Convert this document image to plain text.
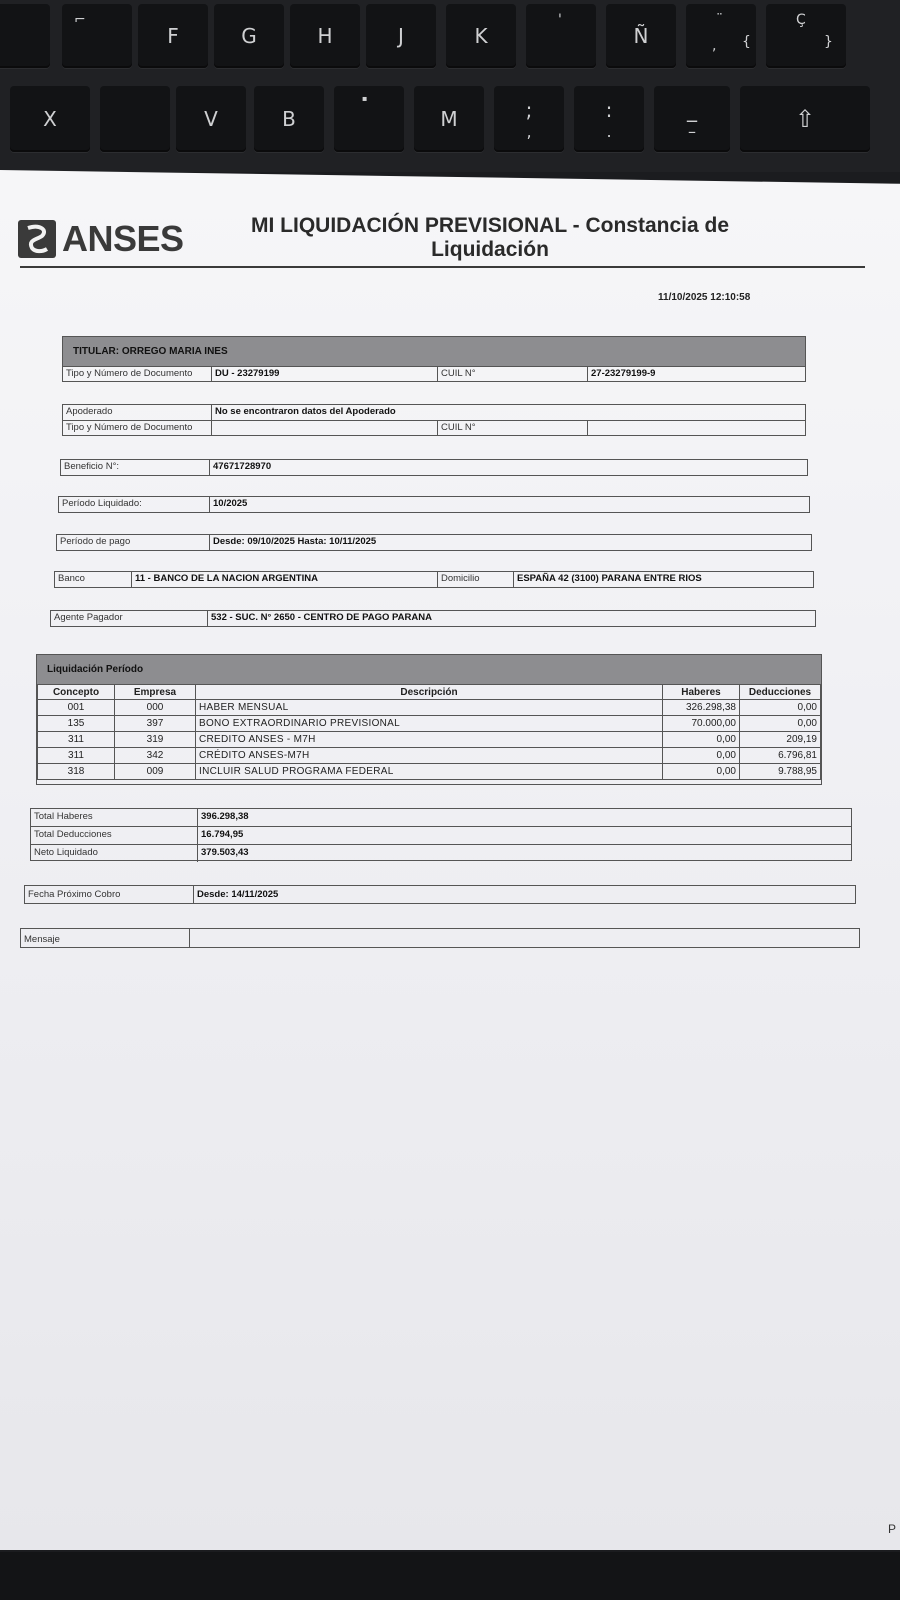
⌐
F	G	H	J	K
'
Ñ
¨
, {
Ç
}
X	V	B
▪
M	;
,
:
.
_
–	⇧
P
ANSES	MI LIQUIDACIÓN PREVISIONAL - Constancia de Liquidación
11/10/2025 12:10:58
TITULAR: ORREGO MARIA INES
Tipo y Número de Documento	DU - 23279199	CUIL N°	27-23279199-9
Apoderado	No se encontraron datos del Apoderado
Tipo y Número de Documento	CUIL N°
Beneficio N°:	47671728970
Período Liquidado:	10/2025
Período de pago	Desde: 09/10/2025 Hasta: 10/11/2025
Banco	11 - BANCO DE LA NACION ARGENTINA	Domicilio	ESPAÑA 42 (3100) PARANA ENTRE RIOS
Agente Pagador	532 - SUC. N° 2650 - CENTRO DE PAGO PARANA
Liquidación Período
Concepto	Empresa	Descripción	Haberes	Deducciones
001	000	HABER MENSUAL	326.298,38	0,00
135	397	BONO EXTRAORDINARIO PREVISIONAL	70.000,00	0,00
311	319	CREDITO ANSES - M7H	0,00	209,19
311	342	CRÉDITO ANSES-M7H	0,00	6.796,81
318	009	INCLUIR SALUD PROGRAMA FEDERAL	0,00	9.788,95
Total Haberes	396.298,38
Total Deducciones	16.794,95
Neto Liquidado	379.503,43
Fecha Próximo Cobro	Desde: 14/11/2025
Mensaje
